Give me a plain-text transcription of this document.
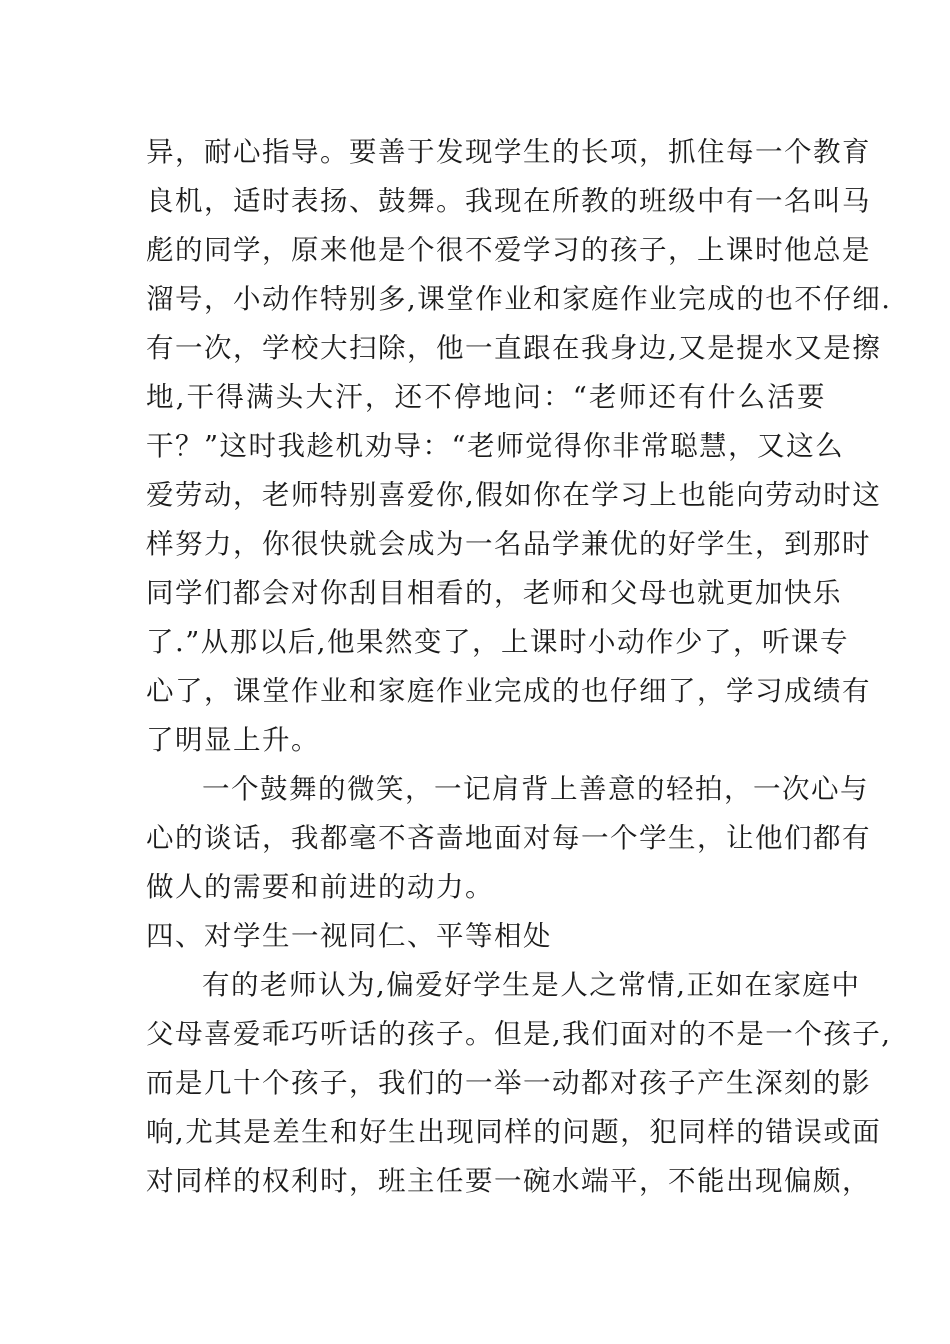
异，耐心指导。要善于发现学生的长项，抓住每一个教育
良机，适时表扬、鼓舞。我现在所教的班级中有一名叫马
彪的同学，原来他是个很不爱学习的孩子，上课时他总是
溜号，小动作特别多,课堂作业和家庭作业完成的也不仔细.
有一次，学校大扫除，他一直跟在我身边,又是提水又是擦
地,干得满头大汗，还不停地问：“老师还有什么活要
干？”这时我趁机劝导：“老师觉得你非常聪慧，又这么
爱劳动，老师特别喜爱你,假如你在学习上也能向劳动时这
样努力，你很快就会成为一名品学兼优的好学生，到那时
同学们都会对你刮目相看的，老师和父母也就更加快乐
了.”从那以后,他果然变了，上课时小动作少了，听课专
心了，课堂作业和家庭作业完成的也仔细了，学习成绩有
了明显上升。
一个鼓舞的微笑，一记肩背上善意的轻拍，一次心与
心的谈话，我都毫不吝啬地面对每一个学生，让他们都有
做人的需要和前进的动力。
四、对学生一视同仁、平等相处
有的老师认为,偏爱好学生是人之常情,正如在家庭中
父母喜爱乖巧听话的孩子。但是,我们面对的不是一个孩子,
而是几十个孩子，我们的一举一动都对孩子产生深刻的影
响,尤其是差生和好生出现同样的问题，犯同样的错误或面
对同样的权利时，班主任要一碗水端平，不能出现偏颇，
